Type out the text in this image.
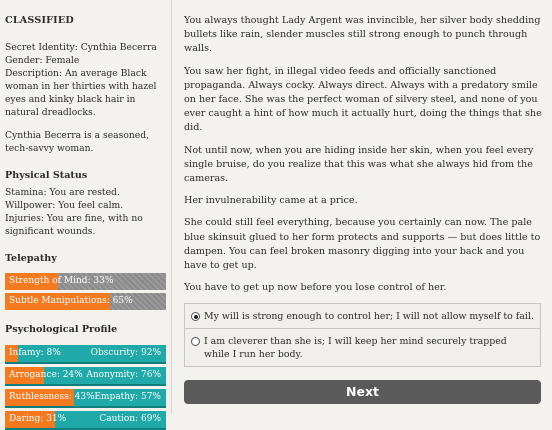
CLASSIFIED
Secret Identity: Cynthia Becerra
Gender: Female
Description: An average Black woman in her thirties with hazel eyes and kinky black hair in natural dreadlocks.
Cynthia Becerra is a seasoned, tech-savvy woman.
Physical Status
Stamina: You are rested.
Willpower: You feel calm.
Injuries: You are fine, with no significant wounds.
Telepathy
Strength of Mind: 33%
Subtle Manipulations: 65%
Psychological Profile
Infamy: 8%	Obscurity: 92%
Arrogance: 24% Anonymity: 76%
Ruthlessness: 43% Empathy: 57%
Daring: 31%	Caution: 69%

You always thought Lady Argent was invincible, her silver body shedding bullets like rain, slender muscles still strong enough to punch through walls.

You saw her fight, in illegal video feeds and officially sanctioned propaganda. Always cocky. Always direct. Always with a predatory smile on her face. She was the perfect woman of silvery steel, and none of you ever caught a hint of how much it actually hurt, doing the things that she did.

Not until now, when you are hiding inside her skin, when you feel every single bruise, do you realize that this was what she always hid from the cameras.

Her invulnerability came at a price.

She could still feel everything, because you certainly can now. The pale blue skinsuit glued to her form protects and supports — but does little to dampen. You can feel broken masonry digging into your back and you have to get up.

You have to get up now before you lose control of her.

My will is strong enough to control her; I will not allow myself to fail.
I am cleverer than she is; I will keep her mind securely trapped while I run her body.
Next
